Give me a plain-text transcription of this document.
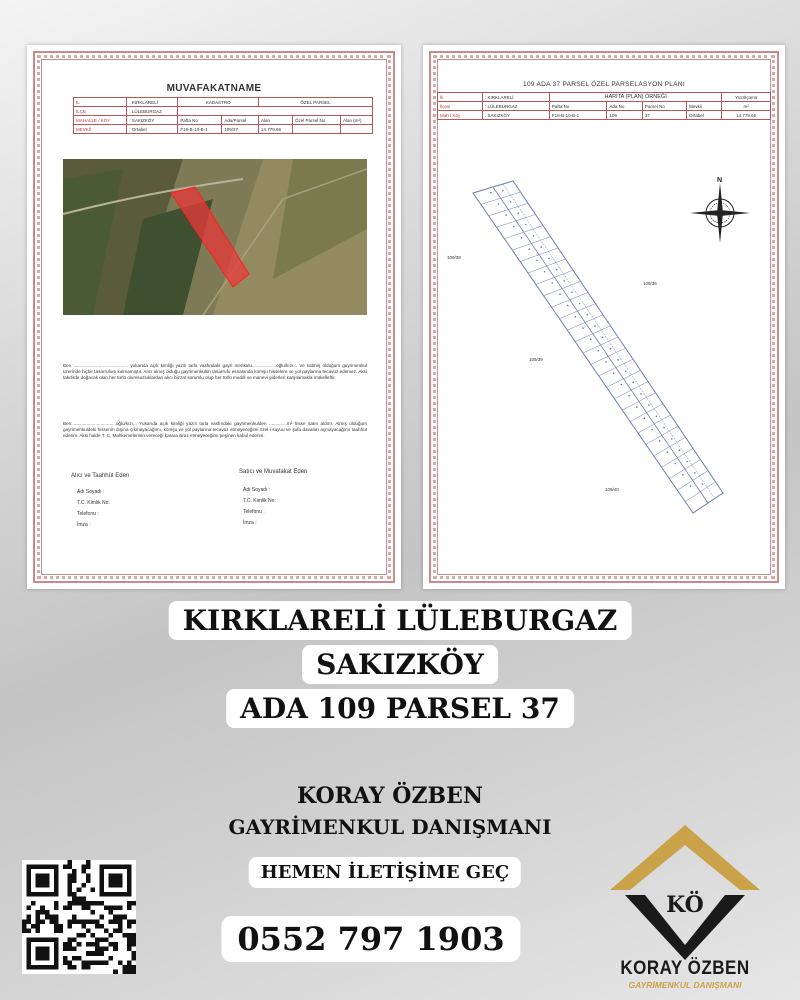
MUVAFAKATNAME
İL	: KIRKLARELİ	KADASTRO		ÖZEL PARSEL		
İLÇE	: LÜLEBURGAZ					
MAHALLE / KÖY	: SAKIZKÖY	Pafta No	Ada/Parsel	Alan	Özel Parsel No	Alan (m²)
MEVKİİ	: Ortabel	F18-B-10-B-1	109/37	14.779,65		
Ben ........................................... yukarıda açık kimliği yazılı tarla vasfındaki gayri menkulu...................oğlu/kızı... Ve satmış olduğum gayrimenkul üzerinde hiçbir tasarrufum kalmamıştır. Alıcı almış olduğu gayrimenkulün tasarrufu esnasında komşu hisselere ve yol paylarına tecavüz edemez. Aksi takdirde doğacak olan her türlü olumsuzluklardan alıcı bizzat sorumlu olup her türlü maddi ve manevi giderleri karşılamakla mükelleftir.
Ben...................................oğlu/kızı... Yukarıda açık kimliği yazılı tarla vasfındaki gayrimenkulden ..............m² hisse satın aldım. Almış olduğum gayrimenkuldeki hissenin dışına çıkmayacağımı, komşu ve yol paylarına tecavüz etmeyeceğimi özel-i suyuu ve şufa davaları açmayacağımı taahhüt ederim. Aksi halde T. C. Mahkemelerinin vereceği karara itiraz etmeyeceğimi peşinen kabul ederim.
Alıcı ve Taahhüt Eden
Satıcı ve Muvafakat Eden
Adı Soyadı :
T.C. Kimlik No:
Telefonu :
İmza :
Adı Soyadı :
T.C. Kimlik No:
Telefonu :
İmza :
109 ADA 37 PARSEL ÖZEL PARSELASYON PLANI
İli	: KIRKLARELİ	HARİTA (PLAN) ÖRNEĞİ				Yüzölçümü
İlçesi	: LÜLEBURGAZ	Pafta No	Ada No	Parsel No	Mevkii	m²
Mah / Köy	: SAKIZKÖY	F18-B-10-B-1	109	37	Ortabel	14.779,65
109/38
109/36
109/39
109/40
N
KIRKLARELİ LÜLEBURGAZ
SAKIZKÖY
ADA 109 PARSEL 37
KORAY ÖZBEN
GAYRİMENKUL DANIŞMANI
HEMEN İLETİŞİME GEÇ
0552 797 1903
KÖ
KORAY ÖZBEN
GAYRİMENKUL DANIŞMANI
